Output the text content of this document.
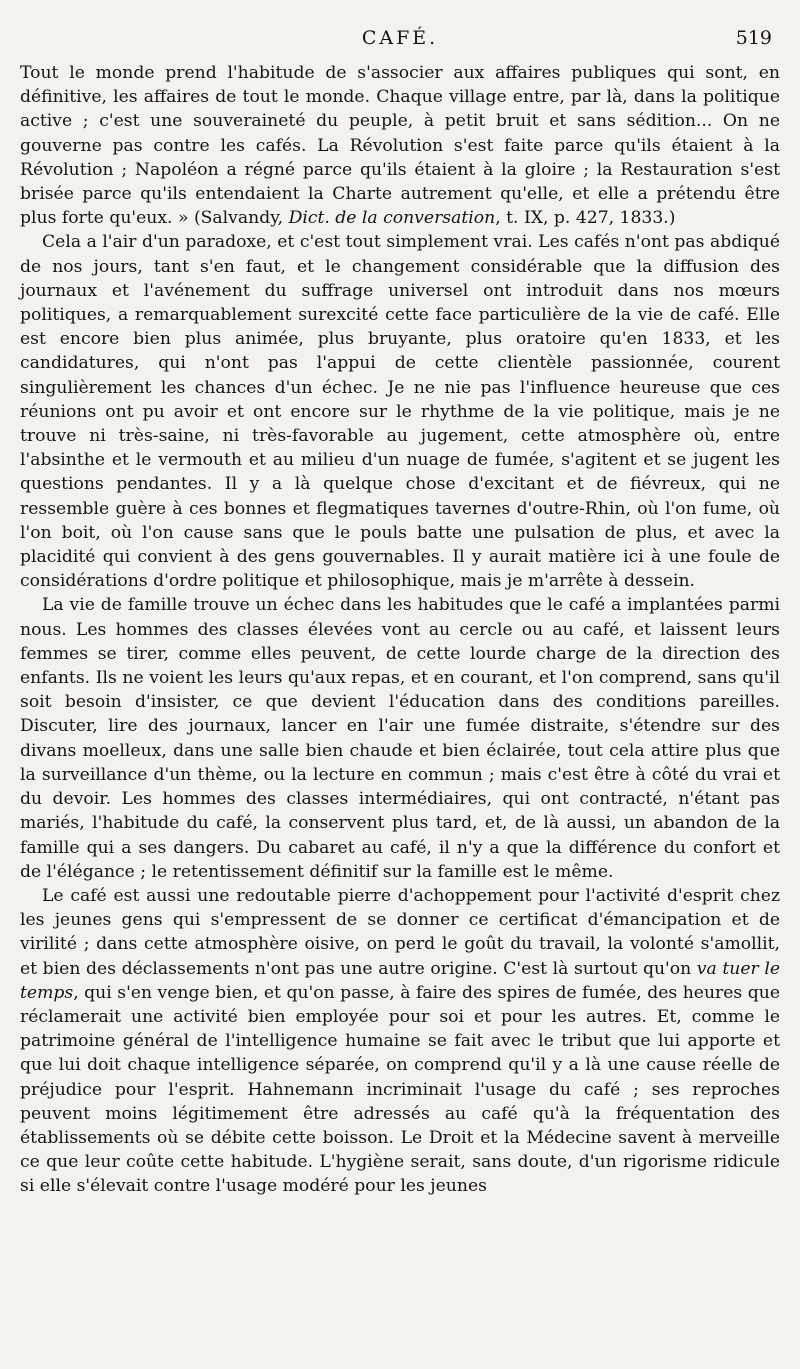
CAFÉ.	519

Tout le monde prend l'habitude de s'associer aux affaires publiques qui sont, en définitive, les affaires de tout le monde. Chaque village entre, par là, dans la politique active ; c'est une souveraineté du peuple, à petit bruit et sans sédition... On ne gouverne pas contre les cafés. La Révolution s'est faite parce qu'ils étaient à la Révolution ; Napoléon a régné parce qu'ils étaient à la gloire ; la Restauration s'est brisée parce qu'ils entendaient la Charte autrement qu'elle, et elle a prétendu être plus forte qu'eux. » (Salvandy, Dict. de la conversation, t. IX, p. 427, 1833.)

Cela a l'air d'un paradoxe, et c'est tout simplement vrai. Les cafés n'ont pas abdiqué de nos jours, tant s'en faut, et le changement considérable que la diffusion des journaux et l'avénement du suffrage universel ont introduit dans nos mœurs politiques, a remarquablement surexcité cette face particulière de la vie de café. Elle est encore bien plus animée, plus bruyante, plus oratoire qu'en 1833, et les candidatures, qui n'ont pas l'appui de cette clientèle passionnée, courent singulièrement les chances d'un échec. Je ne nie pas l'influence heureuse que ces réunions ont pu avoir et ont encore sur le rhythme de la vie politique, mais je ne trouve ni très-saine, ni très-favorable au jugement, cette atmosphère où, entre l'absinthe et le vermouth et au milieu d'un nuage de fumée, s'agitent et se jugent les questions pendantes. Il y a là quelque chose d'excitant et de fiévreux, qui ne ressemble guère à ces bonnes et flegmatiques tavernes d'outre-Rhin, où l'on fume, où l'on boit, où l'on cause sans que le pouls batte une pulsation de plus, et avec la placidité qui convient à des gens gouvernables. Il y aurait matière ici à une foule de considérations d'ordre politique et philosophique, mais je m'arrête à dessein.

La vie de famille trouve un échec dans les habitudes que le café a implantées parmi nous. Les hommes des classes élevées vont au cercle ou au café, et laissent leurs femmes se tirer, comme elles peuvent, de cette lourde charge de la direction des enfants. Ils ne voient les leurs qu'aux repas, et en courant, et l'on comprend, sans qu'il soit besoin d'insister, ce que devient l'éducation dans des conditions pareilles. Discuter, lire des journaux, lancer en l'air une fumée distraite, s'étendre sur des divans moelleux, dans une salle bien chaude et bien éclairée, tout cela attire plus que la surveillance d'un thème, ou la lecture en commun ; mais c'est être à côté du vrai et du devoir. Les hommes des classes intermédiaires, qui ont contracté, n'étant pas mariés, l'habitude du café, la conservent plus tard, et, de là aussi, un abandon de la famille qui a ses dangers. Du cabaret au café, il n'y a que la différence du confort et de l'élégance ; le retentissement définitif sur la famille est le même.

Le café est aussi une redoutable pierre d'achoppement pour l'activité d'esprit chez les jeunes gens qui s'empressent de se donner ce certificat d'émancipation et de virilité ; dans cette atmosphère oisive, on perd le goût du travail, la volonté s'amollit, et bien des déclassements n'ont pas une autre origine. C'est là surtout qu'on va tuer le temps, qui s'en venge bien, et qu'on passe, à faire des spires de fumée, des heures que réclamerait une activité bien employée pour soi et pour les autres. Et, comme le patrimoine général de l'intelligence humaine se fait avec le tribut que lui apporte et que lui doit chaque intelligence séparée, on comprend qu'il y a là une cause réelle de préjudice pour l'esprit. Hahnemann incriminait l'usage du café ; ses reproches peuvent moins légitimement être adressés au café qu'à la fréquentation des établissements où se débite cette boisson. Le Droit et la Médecine savent à merveille ce que leur coûte cette habitude. L'hygiène serait, sans doute, d'un rigorisme ridicule si elle s'élevait contre l'usage modéré pour les jeunes
